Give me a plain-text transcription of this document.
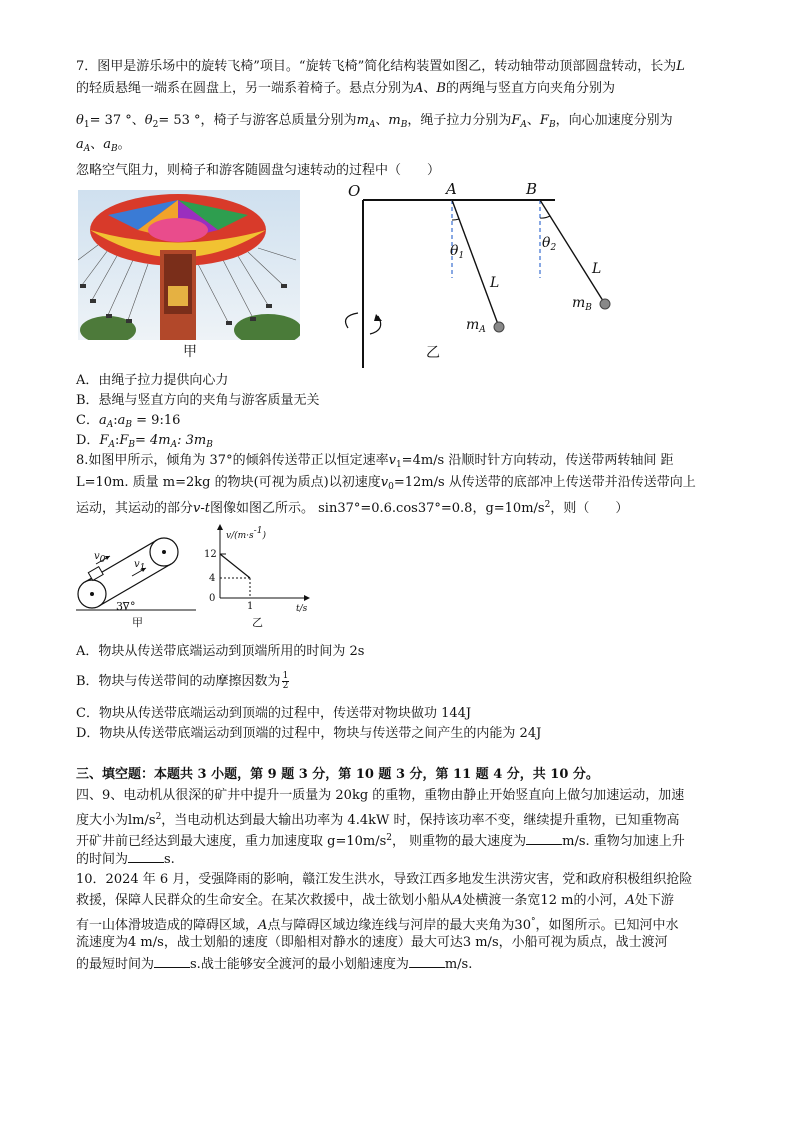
7．图甲是游乐场中的旋转飞椅”项目。“旋转飞椅”简化结构装置如图乙，转动轴带动顶部圆盘转动，长为L
的轻质悬绳一端系在圆盘上，另一端系着椅子。悬点分别为A、B的两绳与竖直方向夹角分别为
$\theta_1= 37$ °、$\theta_2= 53$ °，椅子与游客总质量分别为$m_A$、$m_B$，绳子拉力分别为$F_A$、$F_B$，向心加速度分别为
$a_A$、$a_B$。
忽略空气阻力，则椅子和游客随圆盘匀速转动的过程中（　　）
甲
O	A	B
$\theta_1$
$\theta_2$
L
L
$m_A$
$m_B$
乙
A．由绳子拉力提供向心力
B．悬绳与竖直方向的夹角与游客质量无关
C．$a_A:a_B$ = 9:16
D．$F_A:F_B= 4m_A$: $3m_B$
8.如图甲所示，倾角为 37°的倾斜传送带正以恒定速率$v_1=4m/s$ 沿顺时针方向转动，传送带两转轴间 距
L=10m. 质量 m=2kg 的物块(可视为质点)以初速度$v_0=12m/s$ 从传送带的底部冲上传送带并沿传送带向上
运动，其运动的部分v-t图像如图乙所示。 sin37°=0.6.cos37°=0.8，$g=10m/s^2$，则（　　）
$v_0$	$v_1$
37°
甲
$v/(m\cdot s^{-1})$
12
4
0
1	t/s
乙
A．物块从传送带底端运动到顶端所用的时间为 2s
B．物块与传送带间的动摩擦因数为 $\frac{1}{2}$
C．物块从传送带底端运动到顶端的过程中，传送带对物块做功 144J
D．物块从传送带底端运动到顶端的过程中，物块与传送带之间产生的内能为 24J
三、填空题：本题共 3 小题，第 9 题 3 分，第 10 题 3 分，第 11 题 4 分，共 10 分。
四、9、电动机从很深的矿井中提升一质量为 20kg 的重物，重物由静止开始竖直向上做匀加速运动，加速
度大小为$lm/s^2$，当电动机达到最大输出功率为 4.4kW 时，保持该功率不变，继续提升重物，已知重物高
开矿井前已经达到最大速度，重力加速度取 $g=10m/s^2$， 则重物的最大速度为	m/s. 重物匀加速上升
的时间为	s.
10．2024 年 6 月，受强降雨的影响，赣江发生洪水，导致江西多地发生洪涝灾害，党和政府积极组织抢险
救援，保障人民群众的生命安全。在某次救援中，战士欲划小船从A处横渡一条宽12 m的小河，A处下游
有一山体滑坡造成的障碍区域，A点与障碍区域边缘连线与河岸的最大夹角为30°，如图所示。已知河中水
流速度为4 m/s，战士划船的速度（即船相对静水的速度）最大可达3 m/s，小船可视为质点，战士渡河
的最短时间为	s.战士能够安全渡河的最小划船速度为	m/s.
